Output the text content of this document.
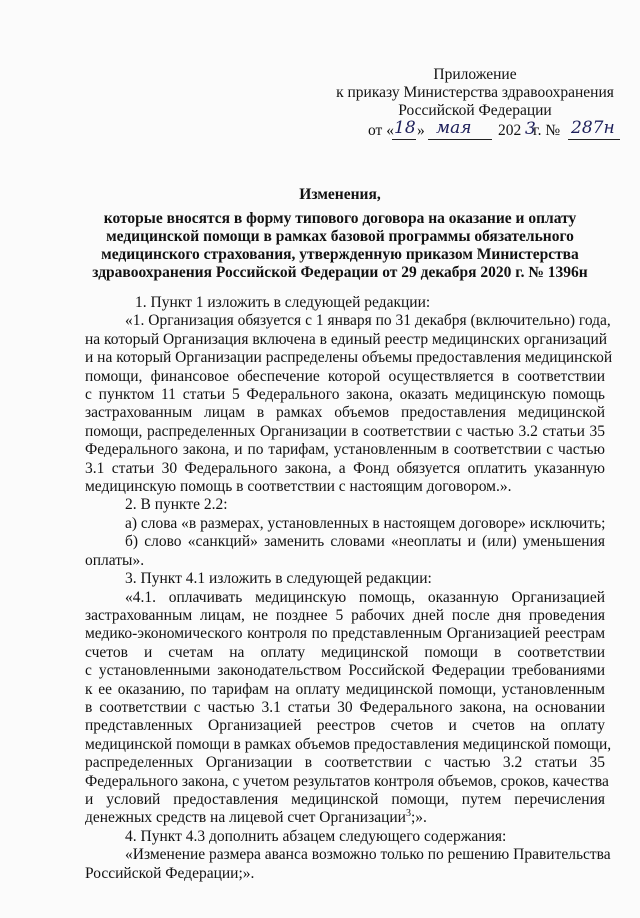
Приложение
к приказу Министерства здравоохранения
Российской Федерации
от « 18 » мая 202 3
г. № 287н
Изменения,
которые вносятся в форму типового договора на оказание и оплату
медицинской помощи в рамках базовой программы обязательного
медицинского страхования, утвержденную приказом Министерства
здравоохранения Российской Федерации от 29 декабря 2020 г. № 1396н
1. Пункт 1 изложить в следующей редакции:
«1. Организация обязуется с 1 января по 31 декабря (включительно) года,
на который Организация включена в единый реестр медицинских организаций
и на который Организации распределены объемы предоставления медицинской
помощи, финансовое обеспечение которой осуществляется в соответствии
с пунктом 11 статьи 5 Федерального закона, оказать медицинскую помощь
застрахованным лицам в рамках объемов предоставления медицинской
помощи, распределенных Организации в соответствии с частью 3.2 статьи 35
Федерального закона, и по тарифам, установленным в соответствии с частью
3.1 статьи 30 Федерального закона, а Фонд обязуется оплатить указанную
медицинскую помощь в соответствии с настоящим договором.».
2. В пункте 2.2:
а) слова «в размерах, установленных в настоящем договоре» исключить;
б) слово «санкций» заменить словами «неоплаты и (или) уменьшения
оплаты».
3. Пункт 4.1 изложить в следующей редакции:
«4.1. оплачивать медицинскую помощь, оказанную Организацией
застрахованным лицам, не позднее 5 рабочих дней после дня проведения
медико-экономического контроля по представленным Организацией реестрам
счетов и счетам на оплату медицинской помощи в соответствии
с установленными законодательством Российской Федерации требованиями
к ее оказанию, по тарифам на оплату медицинской помощи, установленным
в соответствии с частью 3.1 статьи 30 Федерального закона, на основании
представленных Организацией реестров счетов и счетов на оплату
медицинской помощи в рамках объемов предоставления медицинской помощи,
распределенных Организации в соответствии с частью 3.2 статьи 35
Федерального закона, с учетом результатов контроля объемов, сроков, качества
и условий предоставления медицинской помощи, путем перечисления
денежных средств на лицевой счет Организации$^3$;».
4. Пункт 4.3 дополнить абзацем следующего содержания:
«Изменение размера аванса возможно только по решению Правительства
Российской Федерации;».
